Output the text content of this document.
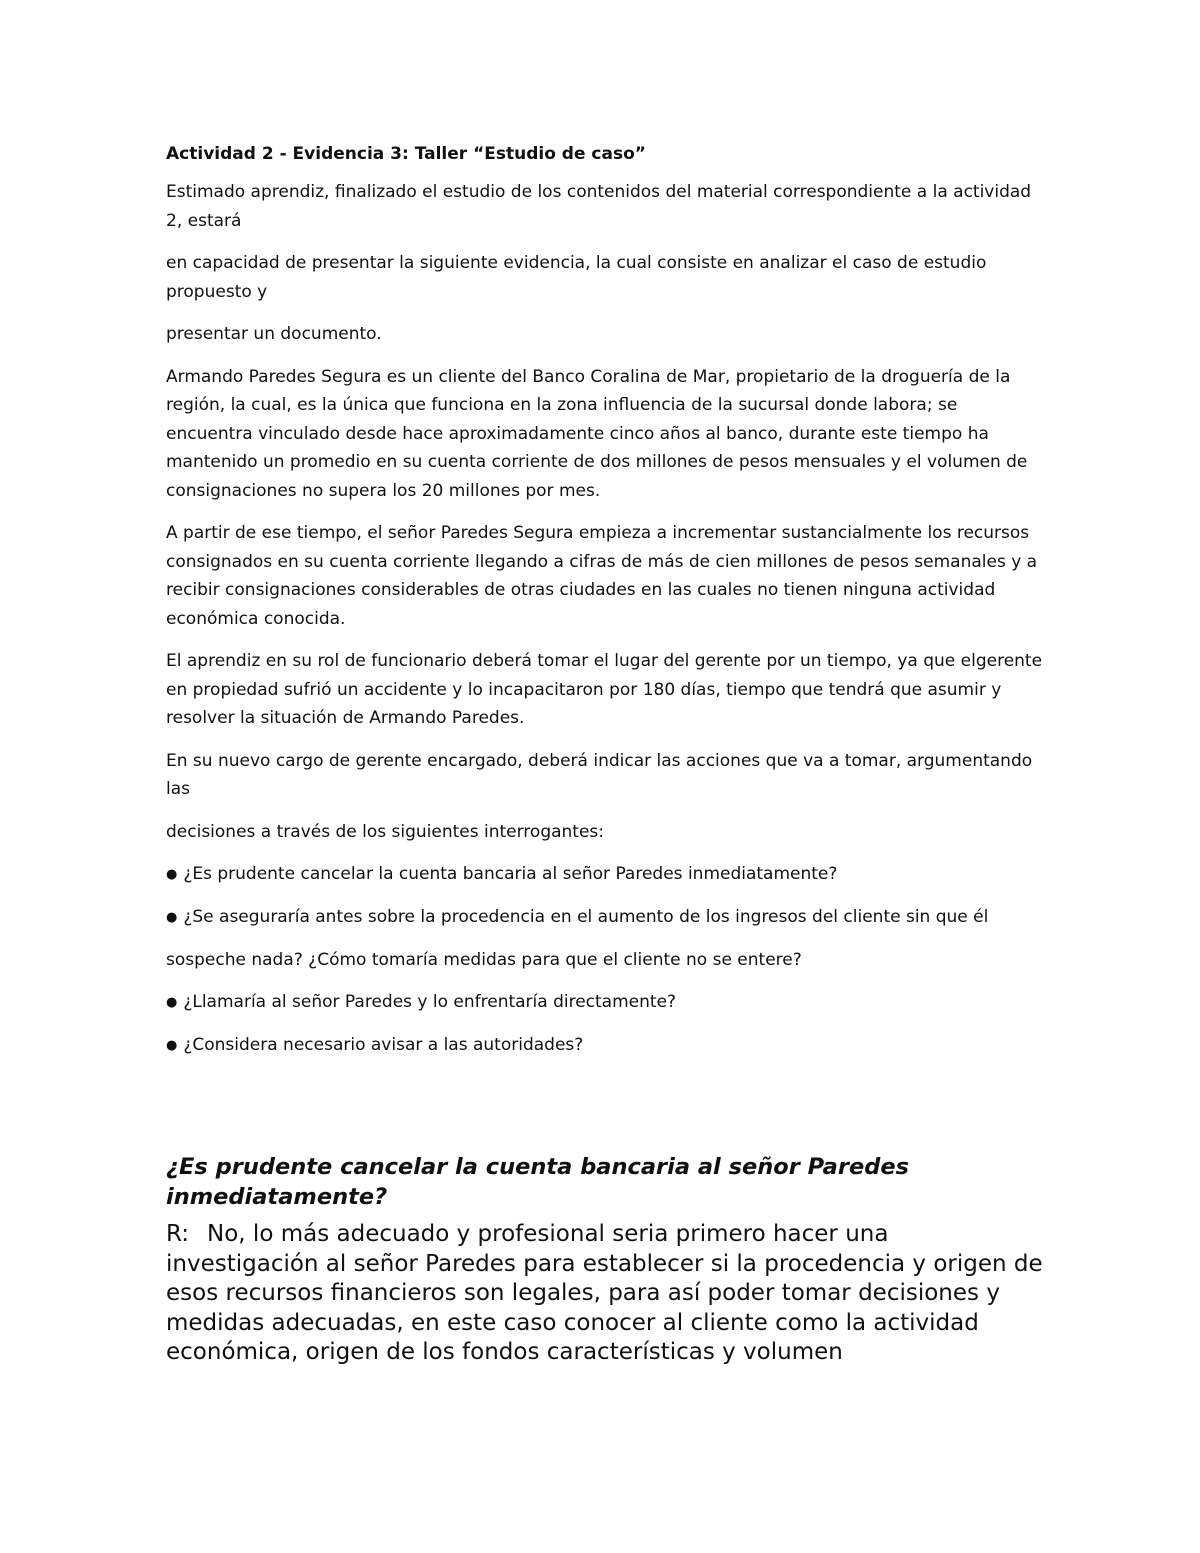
Actividad 2 - Evidencia 3: Taller “Estudio de caso”

Estimado aprendiz, finalizado el estudio de los contenidos del material correspondiente a la actividad 2, estará

en capacidad de presentar la siguiente evidencia, la cual consiste en analizar el caso de estudio propuesto y

presentar un documento.

Armando Paredes Segura es un cliente del Banco Coralina de Mar, propietario de la droguería de la región, la cual, es la única que funciona en la zona influencia de la sucursal donde labora; se encuentra vinculado desde hace aproximadamente cinco años al banco, durante este tiempo ha mantenido un promedio en su cuenta corriente de dos millones de pesos mensuales y el volumen de consignaciones no supera los 20 millones por mes.

A partir de ese tiempo, el señor Paredes Segura empieza a incrementar sustancialmente los recursos consignados en su cuenta corriente llegando a cifras de más de cien millones de pesos semanales y a recibir consignaciones considerables de otras ciudades en las cuales no tienen ninguna actividad económica conocida.

El aprendiz en su rol de funcionario deberá tomar el lugar del gerente por un tiempo, ya que elgerente en propiedad sufrió un accidente y lo incapacitaron por 180 días, tiempo que tendrá que asumir y resolver la situación de Armando Paredes.

En su nuevo cargo de gerente encargado, deberá indicar las acciones que va a tomar, argumentando las

decisiones a través de los siguientes interrogantes:

● ¿Es prudente cancelar la cuenta bancaria al señor Paredes inmediatamente?

● ¿Se aseguraría antes sobre la procedencia en el aumento de los ingresos del cliente sin que él

sospeche nada? ¿Cómo tomaría medidas para que el cliente no se entere?

● ¿Llamaría al señor Paredes y lo enfrentaría directamente?

● ¿Considera necesario avisar a las autoridades?

¿Es prudente cancelar la cuenta bancaria al señor Paredes inmediatamente?

R: No, lo más adecuado y profesional seria primero hacer una investigación al señor Paredes para establecer si la procedencia y origen de esos recursos financieros son legales, para así poder tomar decisiones y medidas adecuadas, en este caso conocer al cliente como la actividad económica, origen de los fondos características y volumen
